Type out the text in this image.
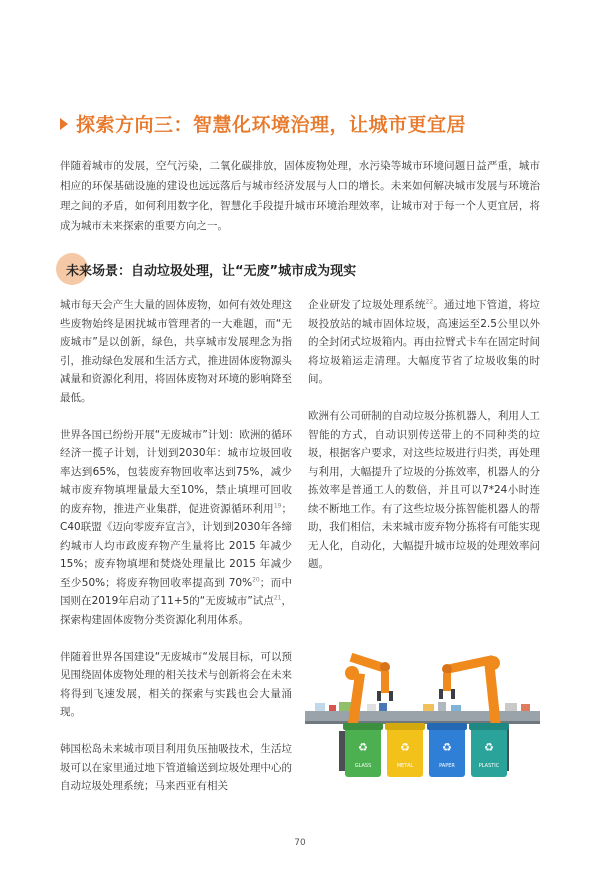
探索方向三：智慧化环境治理，让城市更宜居

伴随着城市的发展，空气污染，二氧化碳排放，固体废物处理，水污染等城市环境问题日益严重，城市相应的环保基础设施的建设也远远落后与城市经济发展与人口的增长。未来如何解决城市发展与环境治理之间的矛盾，如何利用数字化，智慧化手段提升城市环境治理效率，让城市对于每一个人更宜居，将成为城市未来探索的重要方向之一。

未来场景：自动垃圾处理，让“无废”城市成为现实

城市每天会产生大量的固体废物，如何有效处理这些废物始终是困扰城市管理者的一大难题，而“无废城市”是以创新，绿色，共享城市发展理念为指引，推动绿色发展和生活方式，推进固体废物源头减量和资源化利用，将固体废物对环境的影响降至最低。

世界各国已纷纷开展“无废城市”计划：欧洲的循环经济一揽子计划，计划到2030年：城市垃圾回收率达到65%，包装废弃物回收率达到75%，减少城市废弃物填埋量最大至10%，禁止填埋可回收的废弃物，推进产业集群，促进资源循环利用$^{19}$；C40联盟《迈向零废弃宣言》，计划到2030年各缔约城市人均市政废弃物产生量将比 2015 年减少 15%；废弃物填埋和焚烧处理量比 2015 年减少至少50%；将废弃物回收率提高到 70%$^{20}$；而中国则在2019年启动了11+5的“无废城市”试点$^{21}$，探索构建固体废物分类资源化利用体系。

伴随着世界各国建设“无废城市“发展目标，可以预见围绕固体废物处理的相关技术与创新将会在未来将得到飞速发展，相关的探索与实践也会大量涌现。

韩国松岛未来城市项目利用负压抽吸技术，生活垃圾可以在家里通过地下管道输送到垃圾处理中心的自动垃圾处理系统；马来西亚有相关

企业研发了垃圾处理系统$^{22}$。通过地下管道，将垃圾投放站的城市固体垃圾，高速运至2.5公里以外的全封闭式垃圾箱内。再由拉臂式卡车在固定时间将垃圾箱运走清理。大幅度节省了垃圾收集的时间。

欧洲有公司研制的自动垃圾分拣机器人，利用人工智能的方式，自动识别传送带上的不同种类的垃圾，根据客户要求，对这些垃圾进行归类，再处理与利用，大幅提升了垃圾的分拣效率，机器人的分拣效率是普通工人的数倍，并且可以7*24小时连续不断地工作。有了这些垃圾分拣智能机器人的帮助，我们相信，未来城市废弃物分拣将有可能实现无人化，自动化，大幅提升城市垃圾的处理效率问题。

♻
GLASS
♻
METAL
♻
PAPER
♻
PLASTIC
70
